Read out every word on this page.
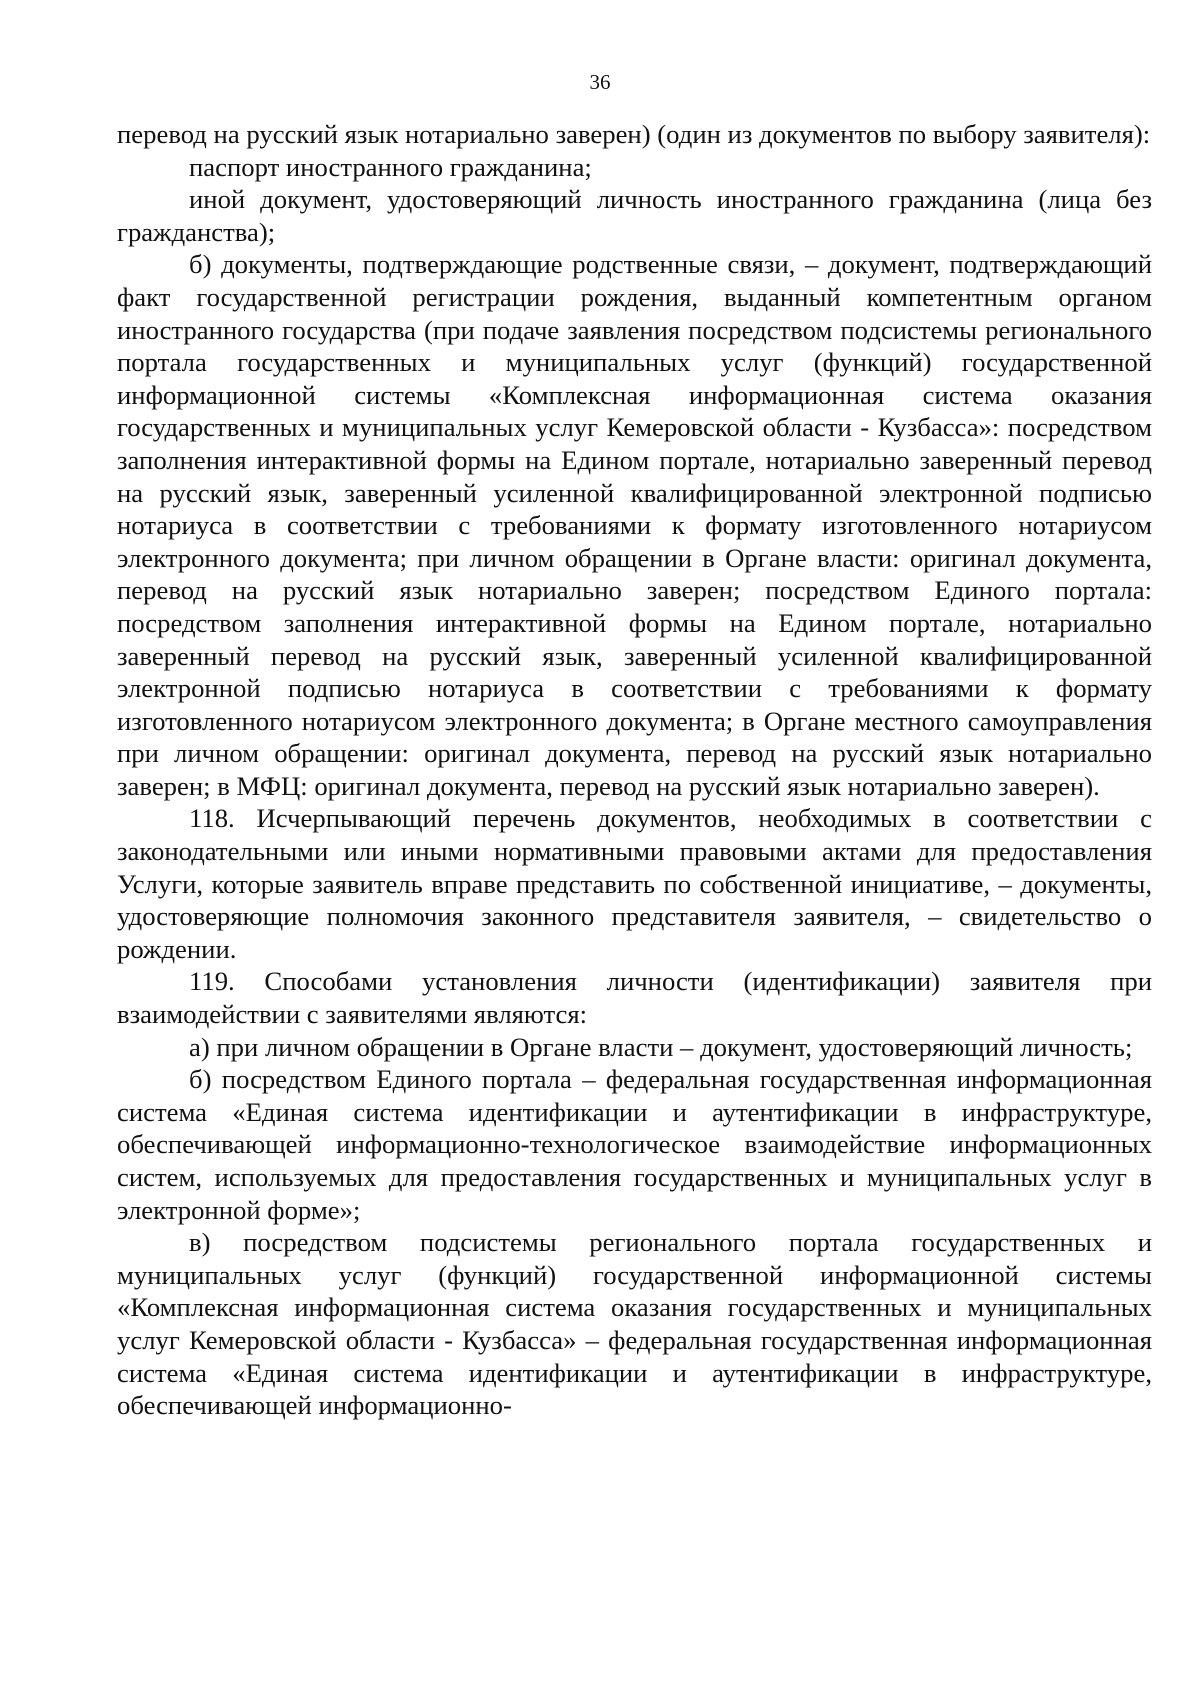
36

перевод на русский язык нотариально заверен) (один из документов по выбору заявителя):

паспорт иностранного гражданина;

иной документ, удостоверяющий личность иностранного гражданина (лица без гражданства);

б) документы, подтверждающие родственные связи, – документ, подтверждающий факт государственной регистрации рождения, выданный компетентным органом иностранного государства (при подаче заявления посредством подсистемы регионального портала государственных и муниципальных услуг (функций) государственной информационной системы «Комплексная информационная система оказания государственных и муниципальных услуг Кемеровской области - Кузбасса»: посредством заполнения интерактивной формы на Едином портале, нотариально заверенный перевод на русский язык, заверенный усиленной квалифицированной электронной подписью нотариуса в соответствии с требованиями к формату изготовленного нотариусом электронного документа; при личном обращении в Органе власти: оригинал документа, перевод на русский язык нотариально заверен; посредством Единого портала: посредством заполнения интерактивной формы на Едином портале, нотариально заверенный перевод на русский язык, заверенный усиленной квалифицированной электронной подписью нотариуса в соответствии с требованиями к формату изготовленного нотариусом электронного документа; в Органе местного самоуправления при личном обращении: оригинал документа, перевод на русский язык нотариально заверен; в МФЦ: оригинал документа, перевод на русский язык нотариально заверен).

118. Исчерпывающий перечень документов, необходимых в соответствии с законодательными или иными нормативными правовыми актами для предоставления Услуги, которые заявитель вправе представить по собственной инициативе, – документы, удостоверяющие полномочия законного представителя заявителя, – свидетельство о рождении.

119. Способами установления личности (идентификации) заявителя при взаимодействии с заявителями являются:

а) при личном обращении в Органе власти – документ, удостоверяющий личность;

б) посредством Единого портала – федеральная государственная информационная система «Единая система идентификации и аутентификации в инфраструктуре, обеспечивающей информационно-технологическое взаимодействие информационных систем, используемых для предоставления государственных и муниципальных услуг в электронной форме»;

в) посредством подсистемы регионального портала государственных и муниципальных услуг (функций) государственной информационной системы «Комплексная информационная система оказания государственных и муниципальных услуг Кемеровской области - Кузбасса» – федеральная государственная информационная система «Единая система идентификации и аутентификации в инфраструктуре, обеспечивающей информационно-
